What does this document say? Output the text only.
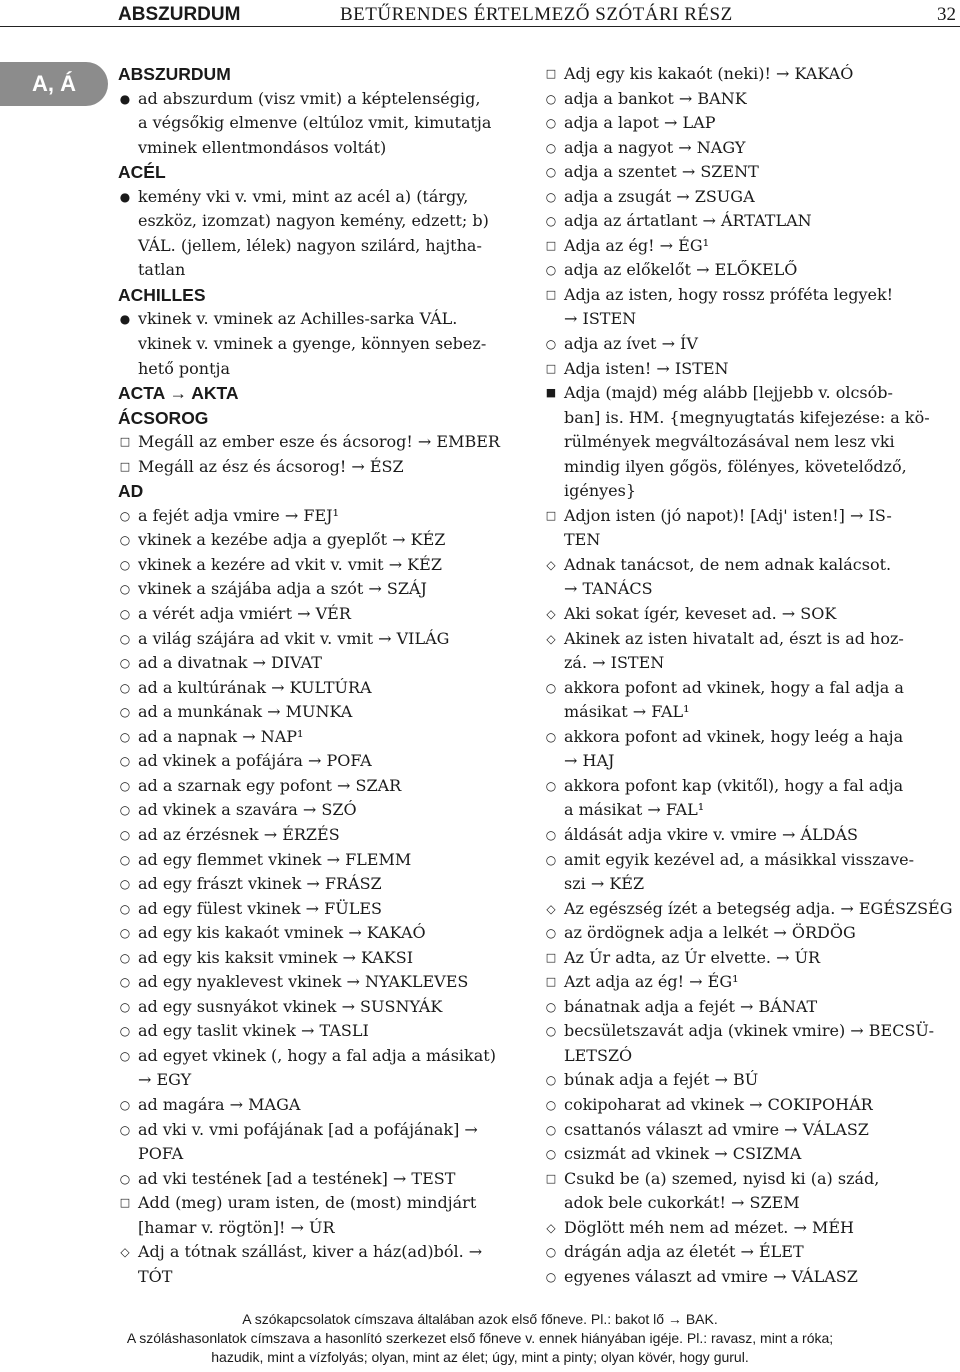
ABSZURDUM	BETŰRENDES ÉRTELMEZŐ SZÓTÁRI RÉSZ	32
A, Á	ABSZURDUM
● ad abszurdum (visz vmit) a képtelenségig,
a végsőkig elmenve (eltúloz vmit, kimutatja
vminek ellentmondásos voltát)
ACÉL
● kemény vki v. vmi, mint az acél a) (tárgy,
eszköz, izomzat) nagyon kemény, edzett; b)
VÁL. (jellem, lélek) nagyon szilárd, hajtha-
tatlan
ACHILLES
● vkinek v. vminek az Achilles-sarka VÁL.
vkinek v. vminek a gyenge, könnyen sebez-
hető pontja
ACTA → AKTA
ÁCSOROG
□ Megáll az ember esze és ácsorog! → EMBER
□ Megáll az ész és ácsorog! → ÉSZ
AD
○ a fejét adja vmire → FEJ¹
○ vkinek a kezébe adja a gyeplőt → KÉZ
○ vkinek a kezére ad vkit v. vmit → KÉZ
○ vkinek a szájába adja a szót → SZÁJ
○ a vérét adja vmiért → VÉR
○ a világ szájára ad vkit v. vmit → VILÁG
○ ad a divatnak → DIVAT
○ ad a kultúrának → KULTÚRA
○ ad a munkának → MUNKA
○ ad a napnak → NAP¹
○ ad vkinek a pofájára → POFA
○ ad a szarnak egy pofont → SZAR
○ ad vkinek a szavára → SZÓ
○ ad az érzésnek → ÉRZÉS
○ ad egy flemmet vkinek → FLEMM
○ ad egy frászt vkinek → FRÁSZ
○ ad egy fülest vkinek → FÜLES
○ ad egy kis kakaót vminek → KAKAÓ
○ ad egy kis kaksit vminek → KAKSI
○ ad egy nyaklevest vkinek → NYAKLEVES
○ ad egy susnyákot vkinek → SUSNYÁK
○ ad egy taslit vkinek → TASLI
○ ad egyet vkinek (, hogy a fal adja a másikat)
→ EGY
○ ad magára → MAGA
○ ad vki v. vmi pofájának [ad a pofájának] →
POFA
○ ad vki testének [ad a testének] → TEST
□ Add (meg) uram isten, de (most) mindjárt
[hamar v. rögtön]! → ÚR
◇ Adj a tótnak szállást, kiver a ház(ad)ból. →
TÓT
□ Adj egy kis kakaót (neki)! → KAKAÓ
○ adja a bankot → BANK
○ adja a lapot → LAP
○ adja a nagyot → NAGY
○ adja a szentet → SZENT
○ adja a zsugát → ZSUGA
○ adja az ártatlant → ÁRTATLAN
□ Adja az ég! → ÉG¹
○ adja az előkelőt → ELŐKELŐ
□ Adja az isten, hogy rossz próféta legyek!
→ ISTEN
○ adja az ívet → ÍV
□ Adja isten! → ISTEN
■ Adja (majd) még alább [lejjebb v. olcsób-
ban] is. HM. {megnyugtatás kifejezése: a kö-
rülmények megváltozásával nem lesz vki
mindig ilyen gőgös, fölényes, követelődző,
igényes}
□ Adjon isten (jó napot)! [Adj' isten!] → IS-
TEN
◇ Adnak tanácsot, de nem adnak kalácsot.
→ TANÁCS
◇ Aki sokat ígér, keveset ad. → SOK
◇ Akinek az isten hivatalt ad, észt is ad hoz-
zá. → ISTEN
○ akkora pofont ad vkinek, hogy a fal adja a
másikat → FAL¹
○ akkora pofont ad vkinek, hogy leég a haja
→ HAJ
○ akkora pofont kap (vkitől), hogy a fal adja
a másikat → FAL¹
○ áldását adja vkire v. vmire → ÁLDÁS
○ amit egyik kezével ad, a másikkal visszave-
szi → KÉZ
◇ Az egészség ízét a betegség adja. → EGÉSZSÉG
○ az ördögnek adja a lelkét → ÖRDÖG
□ Az Úr adta, az Úr elvette. → ÚR
□ Azt adja az ég! → ÉG¹
○ bánatnak adja a fejét → BÁNAT
○ becsületszavát adja (vkinek vmire) → BECSÜ-
LETSZÓ
○ búnak adja a fejét → BÚ
○ cokipoharat ad vkinek → COKIPOHÁR
○ csattanós választ ad vmire → VÁLASZ
○ csizmát ad vkinek → CSIZMA
□ Csukd be (a) szemed, nyisd ki (a) szád,
adok bele cukorkát! → SZEM
◇ Döglött méh nem ad mézet. → MÉH
○ drágán adja az életét → ÉLET
○ egyenes választ ad vmire → VÁLASZ
A szókapcsolatok címszava általában azok első főneve. Pl.: bakot lő → BAK.
A szóláshasonlatok címszava a hasonlító szerkezet első főneve v. ennek hiányában igéje. Pl.: ravasz, mint a róka;
hazudik, mint a vízfolyás; olyan, mint az élet; úgy, mint a pinty; olyan kövér, hogy gurul.
